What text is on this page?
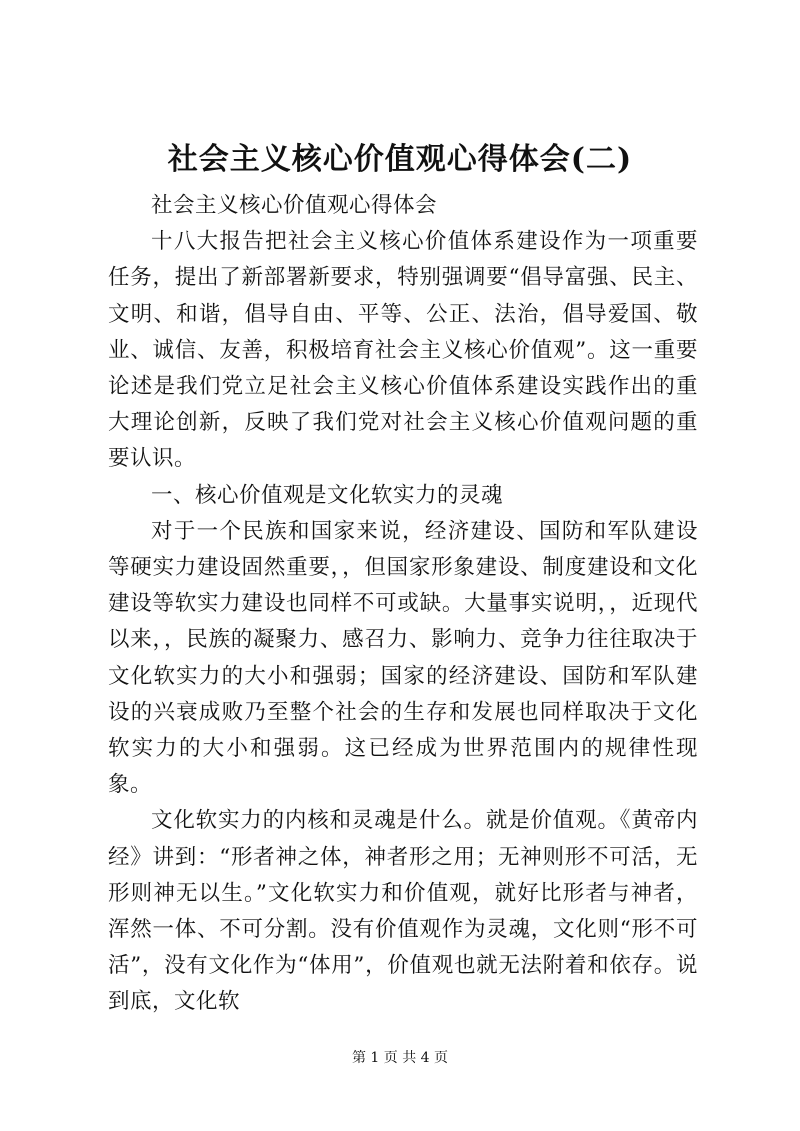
社会主义核心价值观心得体会(二)

社会主义核心价值观心得体会

十八大报告把社会主义核心价值体系建设作为一项重要任务，提出了新部署新要求，特别强调要“倡导富强、民主、文明、和谐，倡导自由、平等、公正、法治，倡导爱国、敬业、诚信、友善，积极培育社会主义核心价值观”。这一重要论述是我们党立足社会主义核心价值体系建设实践作出的重大理论创新，反映了我们党对社会主义核心价值观问题的重要认识。

一、核心价值观是文化软实力的灵魂

对于一个民族和国家来说，经济建设、国防和军队建设等硬实力建设固然重要，，但国家形象建设、制度建设和文化建设等软实力建设也同样不可或缺。大量事实说明，，近现代以来，，民族的凝聚力、感召力、影响力、竞争力往往取决于文化软实力的大小和强弱；国家的经济建设、国防和军队建设的兴衰成败乃至整个社会的生存和发展也同样取决于文化软实力的大小和强弱。这已经成为世界范围内的规律性现象。

文化软实力的内核和灵魂是什么。就是价值观。《黄帝内经》讲到：“形者神之体，神者形之用；无神则形不可活，无形则神无以生。”文化软实力和价值观，就好比形者与神者，浑然一体、不可分割。没有价值观作为灵魂，文化则“形不可活”，没有文化作为“体用”，价值观也就无法附着和依存。说到底，文化软

第 1 页 共 4 页
